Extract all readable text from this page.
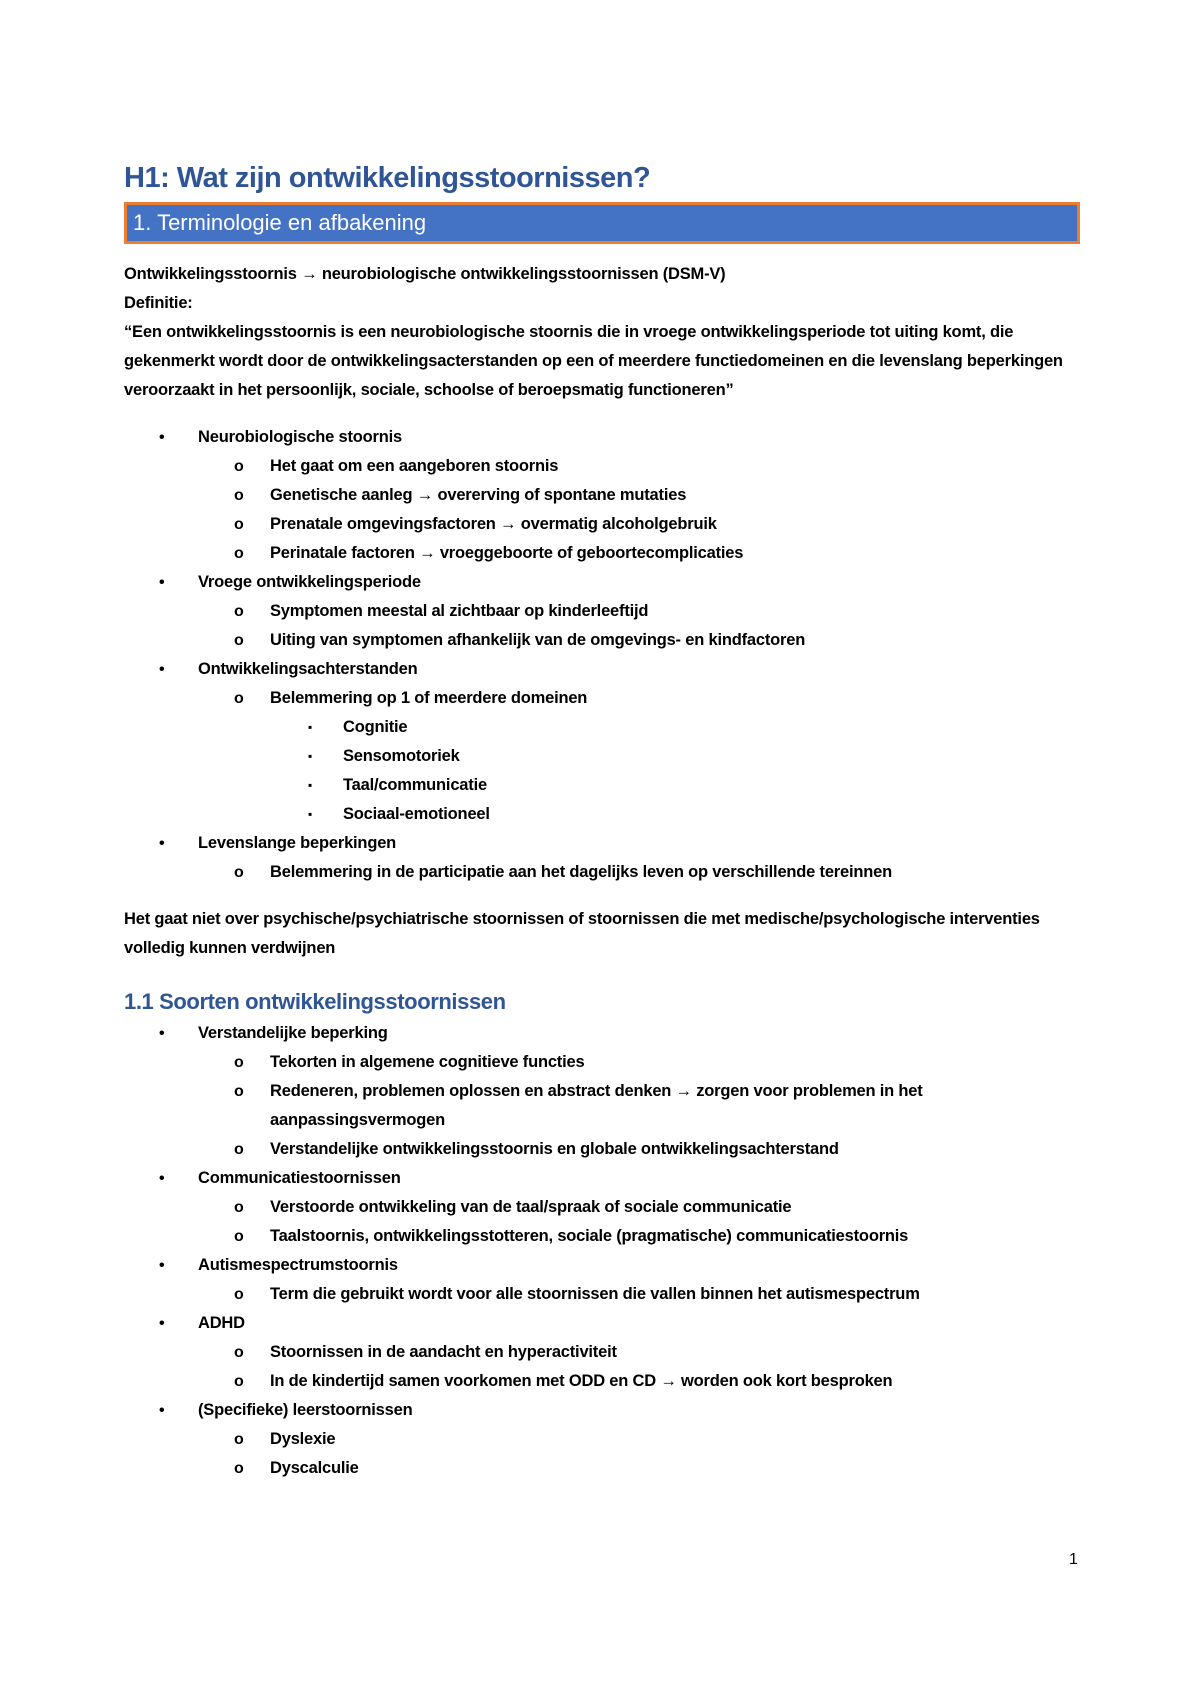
H1: Wat zijn ontwikkelingsstoornissen?
1. Terminologie en afbakening

Ontwikkelingsstoornis → neurobiologische ontwikkelingsstoornissen (DSM-V)

Definitie:

“Een ontwikkelingsstoornis is een neurobiologische stoornis die in vroege ontwikkelingsperiode tot uiting komt, die gekenmerkt wordt door de ontwikkelingsacterstanden op een of meerdere functiedomeinen en die levenslang beperkingen veroorzaakt in het persoonlijk, sociale, schoolse of beroepsmatig functioneren”

• Neurobiologische stoornis
o Het gaat om een aangeboren stoornis
o Genetische aanleg → overerving of spontane mutaties
o Prenatale omgevingsfactoren → overmatig alcoholgebruik
o Perinatale factoren → vroeggeboorte of geboortecomplicaties
• Vroege ontwikkelingsperiode
o Symptomen meestal al zichtbaar op kinderleeftijd
o Uiting van symptomen afhankelijk van de omgevings- en kindfactoren
• Ontwikkelingsachterstanden
o Belemmering op 1 of meerdere domeinen
▪ Cognitie
▪ Sensomotoriek
▪ Taal/communicatie
▪ Sociaal-emotioneel
• Levenslange beperkingen
o Belemmering in de participatie aan het dagelijks leven op verschillende tereinnen

Het gaat niet over psychische/psychiatrische stoornissen of stoornissen die met medische/psychologische interventies volledig kunnen verdwijnen

1.1 Soorten ontwikkelingsstoornissen
• Verstandelijke beperking
o Tekorten in algemene cognitieve functies
o Redeneren, problemen oplossen en abstract denken → zorgen voor problemen in het aanpassingsvermogen
o Verstandelijke ontwikkelingsstoornis en globale ontwikkelingsachterstand
• Communicatiestoornissen
o Verstoorde ontwikkeling van de taal/spraak of sociale communicatie
o Taalstoornis, ontwikkelingsstotteren, sociale (pragmatische) communicatiestoornis
• Autismespectrumstoornis
o Term die gebruikt wordt voor alle stoornissen die vallen binnen het autismespectrum
• ADHD
o Stoornissen in de aandacht en hyperactiviteit
o In de kindertijd samen voorkomen met ODD en CD → worden ook kort besproken
• (Specifieke) leerstoornissen
o Dyslexie
o Dyscalculie
1
